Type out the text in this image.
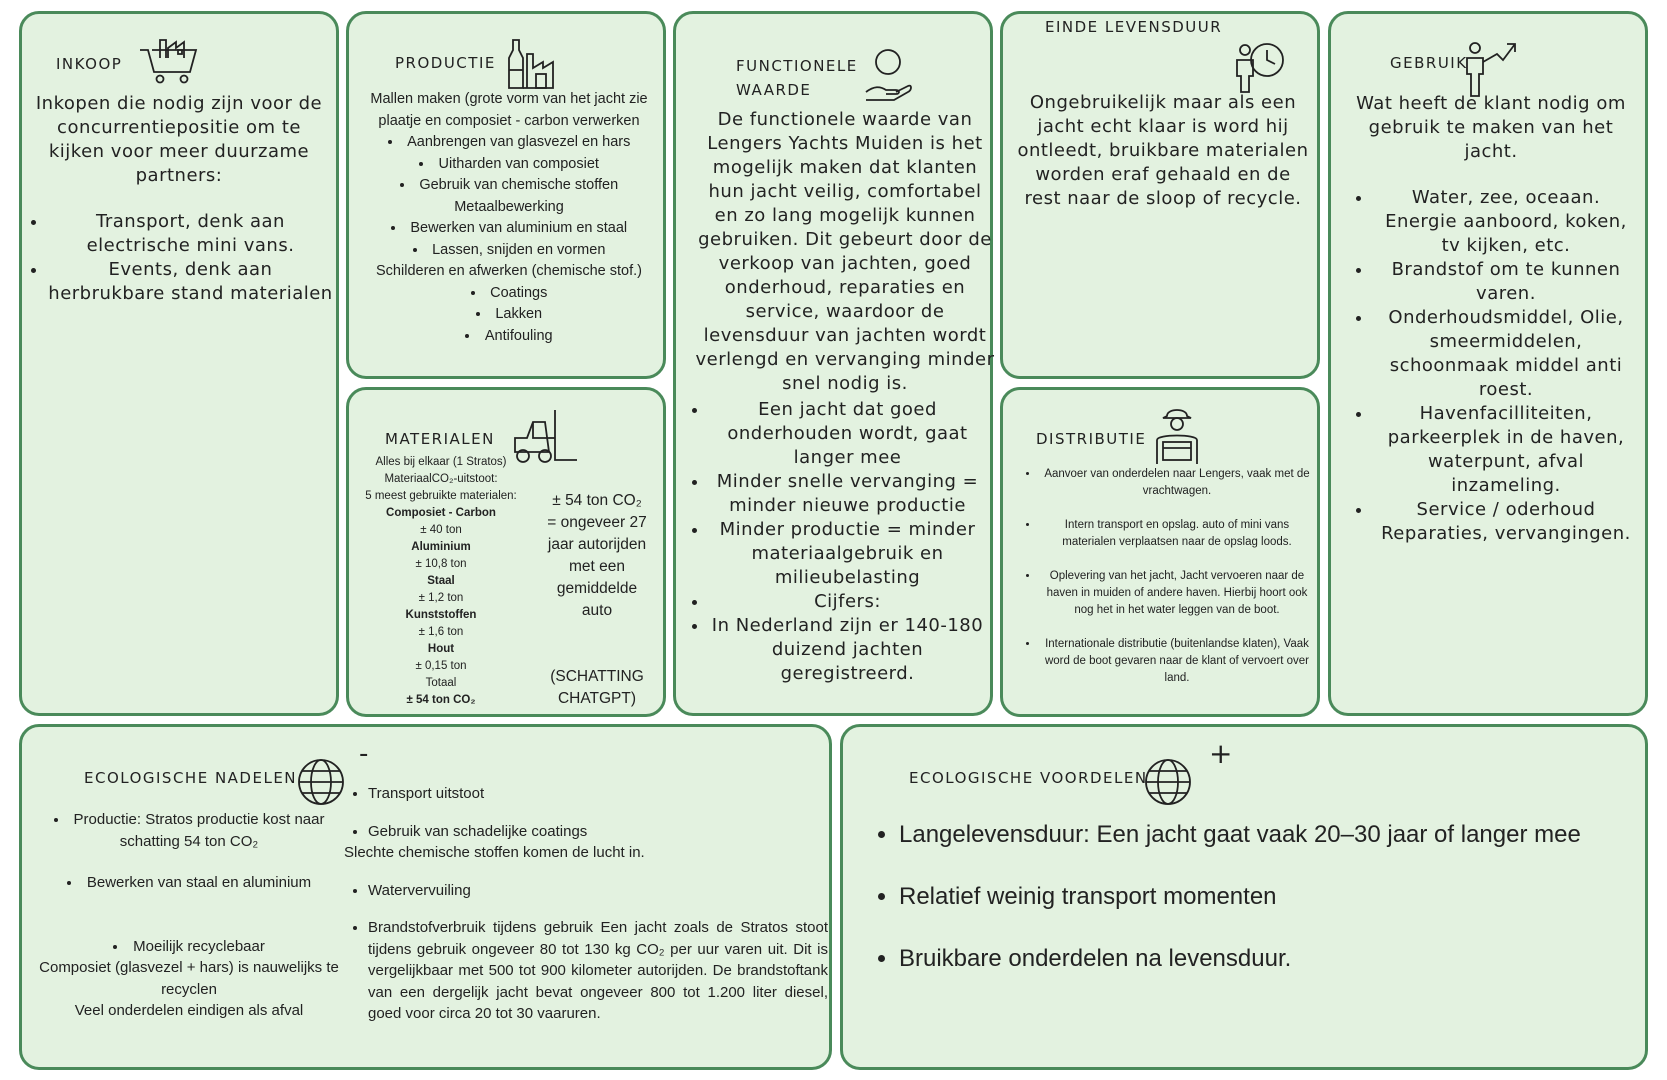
INKOOP
Inkopen die nodig zijn voor de concurrentiepositie om te kijken voor meer duurzame partners:
• Transport, denk aan electrische mini vans.
• Events, denk aan herbrukbare stand materialen
PRODUCTIE
Mallen maken (grote vorm van het jacht zie plaatje en composiet - carbon verwerken
• Aanbrengen van glasvezel en hars
• Uitharden van composiet
• Gebruik van chemische stoffen
Metaalbewerking
• Bewerken van aluminium en staal
• Lassen, snijden en vormen
Schilderen en afwerken (chemische stof.)
• Coatings
• Lakken
• Antifouling
MATERIALEN
Alles bij elkaar (1 Stratos)
MateriaalCO₂-uitstoot:
5 meest gebruikte materialen:
Composiet - Carbon
± 40 ton
Aluminium
± 10,8 ton
Staal
± 1,2 ton
Kunststoffen
± 1,6 ton
Hout
± 0,15 ton
Totaal
± 54 ton CO₂
± 54 ton CO₂ = ongeveer 27 jaar autorijden met een gemiddelde auto
(SCHATTING CHATGPT)
FUNCTIONELE
WAARDE
De functionele waarde van Lengers Yachts Muiden is het mogelijk maken dat klanten hun jacht veilig, comfortabel en zo lang mogelijk kunnen gebruiken. Dit gebeurt door de verkoop van jachten, goed onderhoud, reparaties en service, waardoor de levensduur van jachten wordt verlengd en vervanging minder snel nodig is.
• Een jacht dat goed onderhouden wordt, gaat langer mee
• Minder snelle vervanging = minder nieuwe productie
• Minder productie = minder materiaalgebruik en milieubelasting
• Cijfers:
• In Nederland zijn er 140-180 duizend jachten geregistreerd.
EINDE LEVENSDUUR
Ongebruikelijk maar als een jacht echt klaar is word hij ontleedt, bruikbare materialen worden eraf gehaald en de rest naar de sloop of recycle.
DISTRIBUTIE
• Aanvoer van onderdelen naar Lengers, vaak met de vrachtwagen.
• Intern transport en opslag. auto of mini vans materialen verplaatsen naar de opslag loods.
• Oplevering van het jacht, Jacht vervoeren naar de haven in muiden of andere haven. Hierbij hoort ook nog het in het water leggen van de boot.
• Internationale distributie (buitenlandse klaten), Vaak word de boot gevaren naar de klant of vervoert over land.
GEBRUIK
Wat heeft de klant nodig om gebruik te maken van het jacht.
• Water, zee, oceaan. Energie aanboord, koken, tv kijken, etc.
• Brandstof om te kunnen varen.
• Onderhoudsmiddel, Olie, smeermiddelen, schoonmaak middel anti roest.
• Havenfacilliteiten, parkeerplek in de haven, waterpunt, afval inzameling.
• Service / oderhoud Reparaties, vervangingen.
ECOLOGISCHE NADELEN
-
• Productie: Stratos productie kost naar schatting 54 ton CO₂
• Bewerken van staal en aluminium
• Moeilijk recyclebaar
Composiet (glasvezel + hars) is nauwelijks te recyclen
Veel onderdelen eindigen als afval
• Transport uitstoot
• Gebruik van schadelijke coatings
Slechte chemische stoffen komen de lucht in.
• Watervervuiling
• Brandstofverbruik tijdens gebruik Een jacht zoals de Stratos stoot tijdens gebruik ongeveer 80 tot 130 kg CO₂ per uur varen uit. Dit is vergelijkbaar met 500 tot 900 kilometer autorijden. De brandstoftank van een dergelijk jacht bevat ongeveer 800 tot 1.200 liter diesel, goed voor circa 20 tot 30 vaaruren.
ECOLOGISCHE VOORDELEN
+
• Langelevensduur: Een jacht gaat vaak 20–30 jaar of langer mee
• Relatief weinig transport momenten
• Bruikbare onderdelen na levensduur.
